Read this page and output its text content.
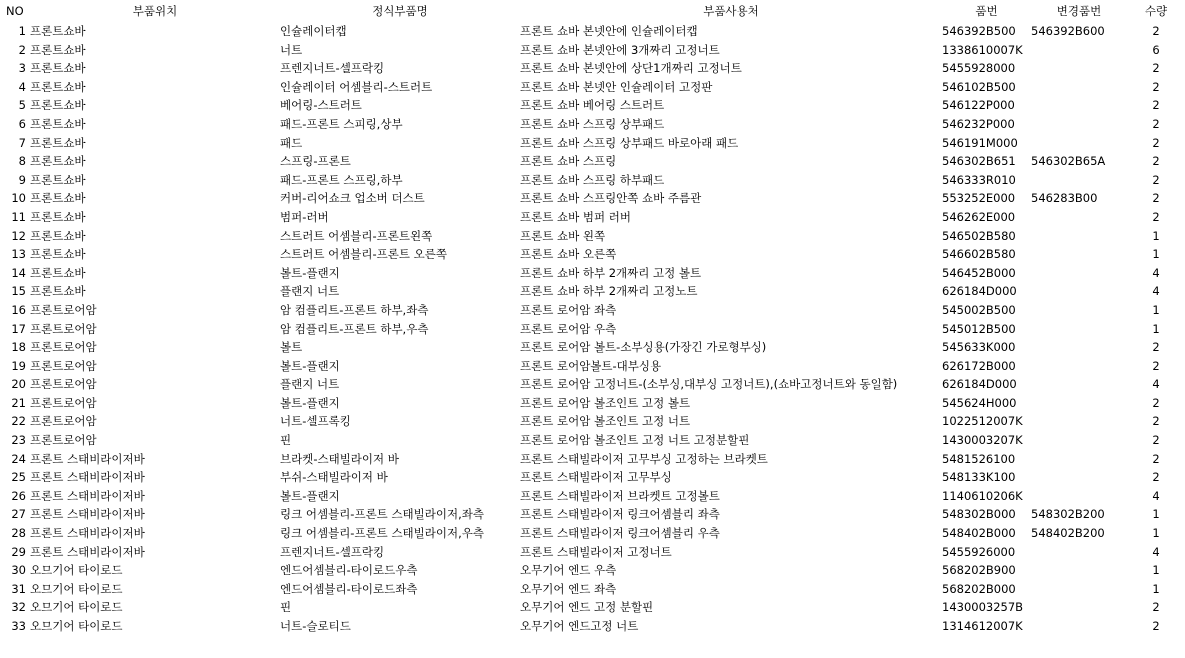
NO	부품위치	정식부품명	부품사용처	품번	변경품번	수량
1	프론트쇼바	인슐레이터캡	프론트 쇼바 본넷안에 인슐레이터캡	546392B500	546392B600	2
2	프론트쇼바	너트	프론트 쇼바 본넷안에 3개짜리 고정너트	1338610007K		6
3	프론트쇼바	프렌지너트-셀프락킹	프론트 쇼바 본넷안에 상단1개짜리 고정너트	5455928000		2
4	프론트쇼바	인슐레이터 어셈블리-스트러트	프론트 쇼바 본넷안 인슐레이터 고정판	546102B500		2
5	프론트쇼바	베어링-스트러트	프론트 쇼바 베어링 스트러트	546122P000		2
6	프론트쇼바	패드-프론트 스피링,상부	프론트 쇼바 스프링 상부패드	546232P000		2
7	프론트쇼바	패드	프론트 쇼바 스프링 상부패드 바로아래 패드	546191M000		2
8	프론트쇼바	스프링-프론트	프론트 쇼바 스프링	546302B651	546302B65A	2
9	프론트쇼바	패드-프론트 스프링,하부	프론트 쇼바 스프링 하부패드	546333R010		2
10	프론트쇼바	커버-리어쇼크 업소버 더스트	프론트 쇼바 스프링안쪽 쇼바 주름관	553252E000	546283B00	2
11	프론트쇼바	범퍼-러버	프론트 쇼바 범퍼 러버	546262E000		2
12	프론트쇼바	스트러트 어셈블리-프론트왼쪽	프론트 쇼바 왼쪽	546502B580		1
13	프론트쇼바	스트러트 어셈블리-프론트 오른쪽	프론트 쇼바 오른쪽	546602B580		1
14	프론트쇼바	볼트-플랜지	프론트 쇼바 하부 2개짜리 고정 볼트	546452B000		4
15	프론트쇼바	플랜지 너트	프론트 쇼바 하부 2개짜리 고정노트	626184D000		4
16	프론트로어암	암 컴플리트-프론트 하부,좌측	프론트 로어암 좌측	545002B500		1
17	프론트로어암	암 컴플리트-프론트 하부,우측	프론트 로어암 우측	545012B500		1
18	프론트로어암	볼트	프론트 로어암 볼트-소부싱용(가장긴 가로형부싱)	545633K000		2
19	프론트로어암	볼트-플랜지	프론트 로어암볼트-대부싱용	626172B000		2
20	프론트로어암	플랜지 너트	프론트 로어암 고정너트-(소부싱,대부싱 고정너트),(쇼바고정너트와 동일함)	626184D000		4
21	프론트로어암	볼트-플랜지	프론트 로어암 볼조인트 고정 볼트	545624H000		2
22	프론트로어암	너트-셀프록킹	프론트 로어암 볼조인트 고정 너트	1022512007K		2
23	프론트로어암	핀	프론트 로어암 볼조인트 고정 너트 고정분할핀	1430003207K		2
24	프론트 스태비라이저바	브라켓-스태빌라이저 바	프론트 스태빌라이저 고무부싱 고정하는 브라켓트	5481526100		2
25	프론트 스태비라이저바	부쉬-스태빌라이저 바	프론트 스태빌라이저 고무부싱	548133K100		2
26	프론트 스태비라이저바	볼트-플랜지	프론트 스태빌라이저 브라켓트 고정볼트	1140610206K		4
27	프론트 스태비라이저바	링크 어셈블리-프론트 스태빌라이저,좌측	프론트 스태빌라이저 링크어셈블리 좌측	548302B000	548302B200	1
28	프론트 스태비라이저바	링크 어셈블리-프론트 스태빌라이저,우측	프론트 스태빌라이저 링크어셈블리 우측	548402B000	548402B200	1
29	프론트 스태비라이저바	프렌지너트-셀프락킹	프론트 스태빌라이저 고정너트	5455926000		4
30	오므기어 타이로드	엔드어셈블리-타이로드우측	오무기어 엔드 우측	568202B900		1
31	오므기어 타이로드	엔드어셈블리-타이로드좌측	오무기어 엔드 좌측	568202B000		1
32	오므기어 타이로드	핀	오무기어 엔드 고정 분할핀	1430003257B		2
33	오므기어 타이로드	너트-슬로티드	오무기어 엔드고정 너트	1314612007K		2
